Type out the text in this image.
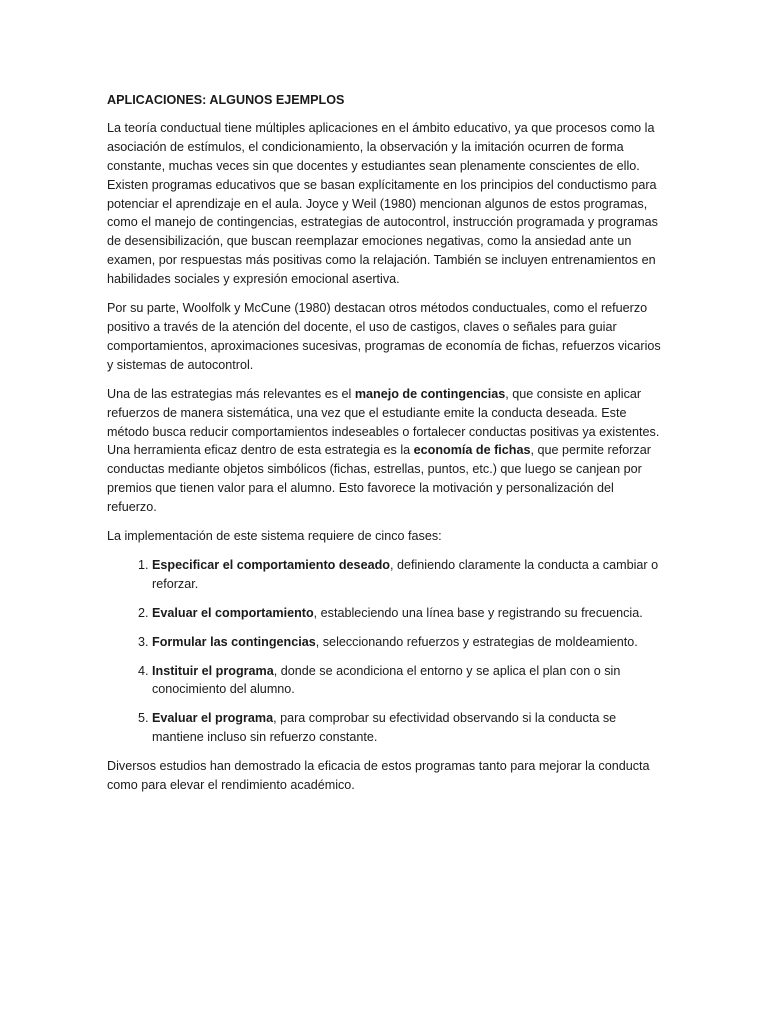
APLICACIONES: ALGUNOS EJEMPLOS

La teoría conductual tiene múltiples aplicaciones en el ámbito educativo, ya que procesos como la asociación de estímulos, el condicionamiento, la observación y la imitación ocurren de forma constante, muchas veces sin que docentes y estudiantes sean plenamente conscientes de ello. Existen programas educativos que se basan explícitamente en los principios del conductismo para potenciar el aprendizaje en el aula. Joyce y Weil (1980) mencionan algunos de estos programas, como el manejo de contingencias, estrategias de autocontrol, instrucción programada y programas de desensibilización, que buscan reemplazar emociones negativas, como la ansiedad ante un examen, por respuestas más positivas como la relajación. También se incluyen entrenamientos en habilidades sociales y expresión emocional asertiva.

Por su parte, Woolfolk y McCune (1980) destacan otros métodos conductuales, como el refuerzo positivo a través de la atención del docente, el uso de castigos, claves o señales para guiar comportamientos, aproximaciones sucesivas, programas de economía de fichas, refuerzos vicarios y sistemas de autocontrol.

Una de las estrategias más relevantes es el manejo de contingencias, que consiste en aplicar refuerzos de manera sistemática, una vez que el estudiante emite la conducta deseada. Este método busca reducir comportamientos indeseables o fortalecer conductas positivas ya existentes. Una herramienta eficaz dentro de esta estrategia es la economía de fichas, que permite reforzar conductas mediante objetos simbólicos (fichas, estrellas, puntos, etc.) que luego se canjean por premios que tienen valor para el alumno. Esto favorece la motivación y personalización del refuerzo.

La implementación de este sistema requiere de cinco fases:

1. Especificar el comportamiento deseado, definiendo claramente la conducta a cambiar o reforzar.
2. Evaluar el comportamiento, estableciendo una línea base y registrando su frecuencia.
3. Formular las contingencias, seleccionando refuerzos y estrategias de moldeamiento.
4. Instituir el programa, donde se acondiciona el entorno y se aplica el plan con o sin conocimiento del alumno.
5. Evaluar el programa, para comprobar su efectividad observando si la conducta se mantiene incluso sin refuerzo constante.

Diversos estudios han demostrado la eficacia de estos programas tanto para mejorar la conducta como para elevar el rendimiento académico.
